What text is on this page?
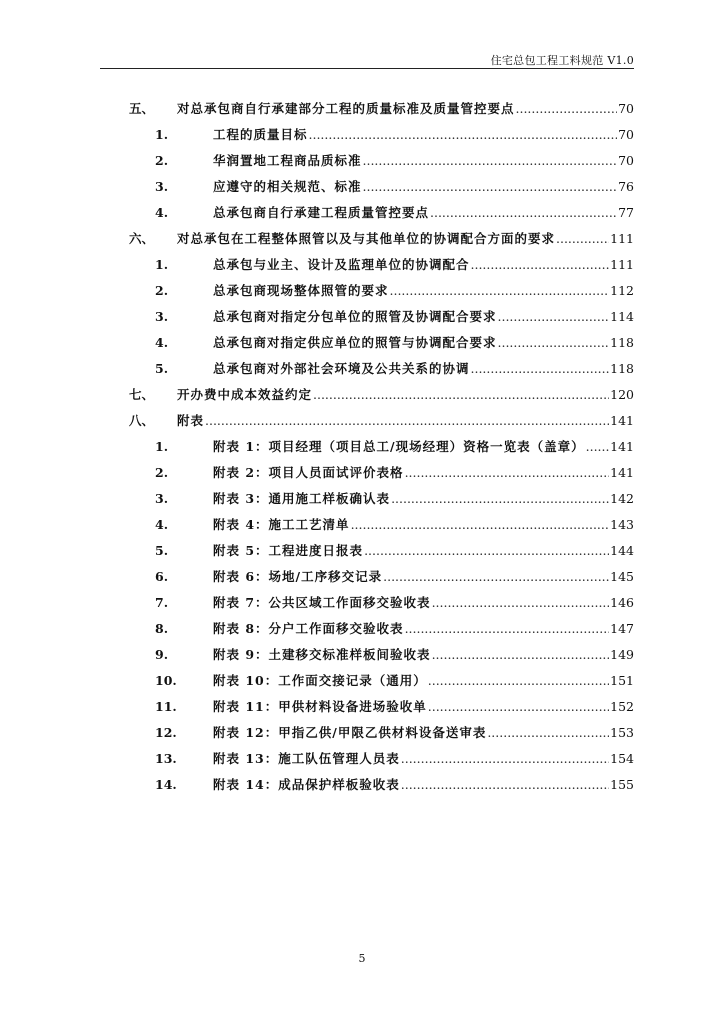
住宅总包工程工料规范 V1.0
五、 对总承包商自行承建部分工程的质量标准及质量管控要点 .....	70
1.	工程的质量目标 .....	70
2.	华润置地工程商品质标准 .....	70
3.	应遵守的相关规范、标准 .....	76
4.	总承包商自行承建工程质量管控要点 .....	77
六、 对总承包在工程整体照管以及与其他单位的协调配合方面的要求 .....	111
1.	总承包与业主、设计及监理单位的协调配合 .....	111
2.	总承包商现场整体照管的要求 .....	112
3.	总承包商对指定分包单位的照管及协调配合要求 .....	114
4.	总承包商对指定供应单位的照管与协调配合要求 .....	118
5.	总承包商对外部社会环境及公共关系的协调 .....	118
七、 开办费中成本效益约定 .....	120
八、 附表 .....	141
1.	附表 1：项目经理（项目总工/现场经理）资格一览表（盖章） ..... 141
2.	附表 2：项目人员面试评价表格 .....	141
3.	附表 3：通用施工样板确认表 .....	142
4.	附表 4：施工工艺清单 .....	143
5.	附表 5：工程进度日报表 .....	144
6.	附表 6：场地/工序移交记录 .....	145
7.	附表 7：公共区域工作面移交验收表 .....	146
8.	附表 8：分户工作面移交验收表 .....	147
9.	附表 9：土建移交标准样板间验收表 .....	149
10.	附表 10：工作面交接记录（通用） .....	151
11.	附表 11：甲供材料设备进场验收单 .....	152
12.	附表 12：甲指乙供/甲限乙供材料设备送审表 .....	153
13.	附表 13：施工队伍管理人员表 .....	154
14.	附表 14：成品保护样板验收表 .....	155
5
